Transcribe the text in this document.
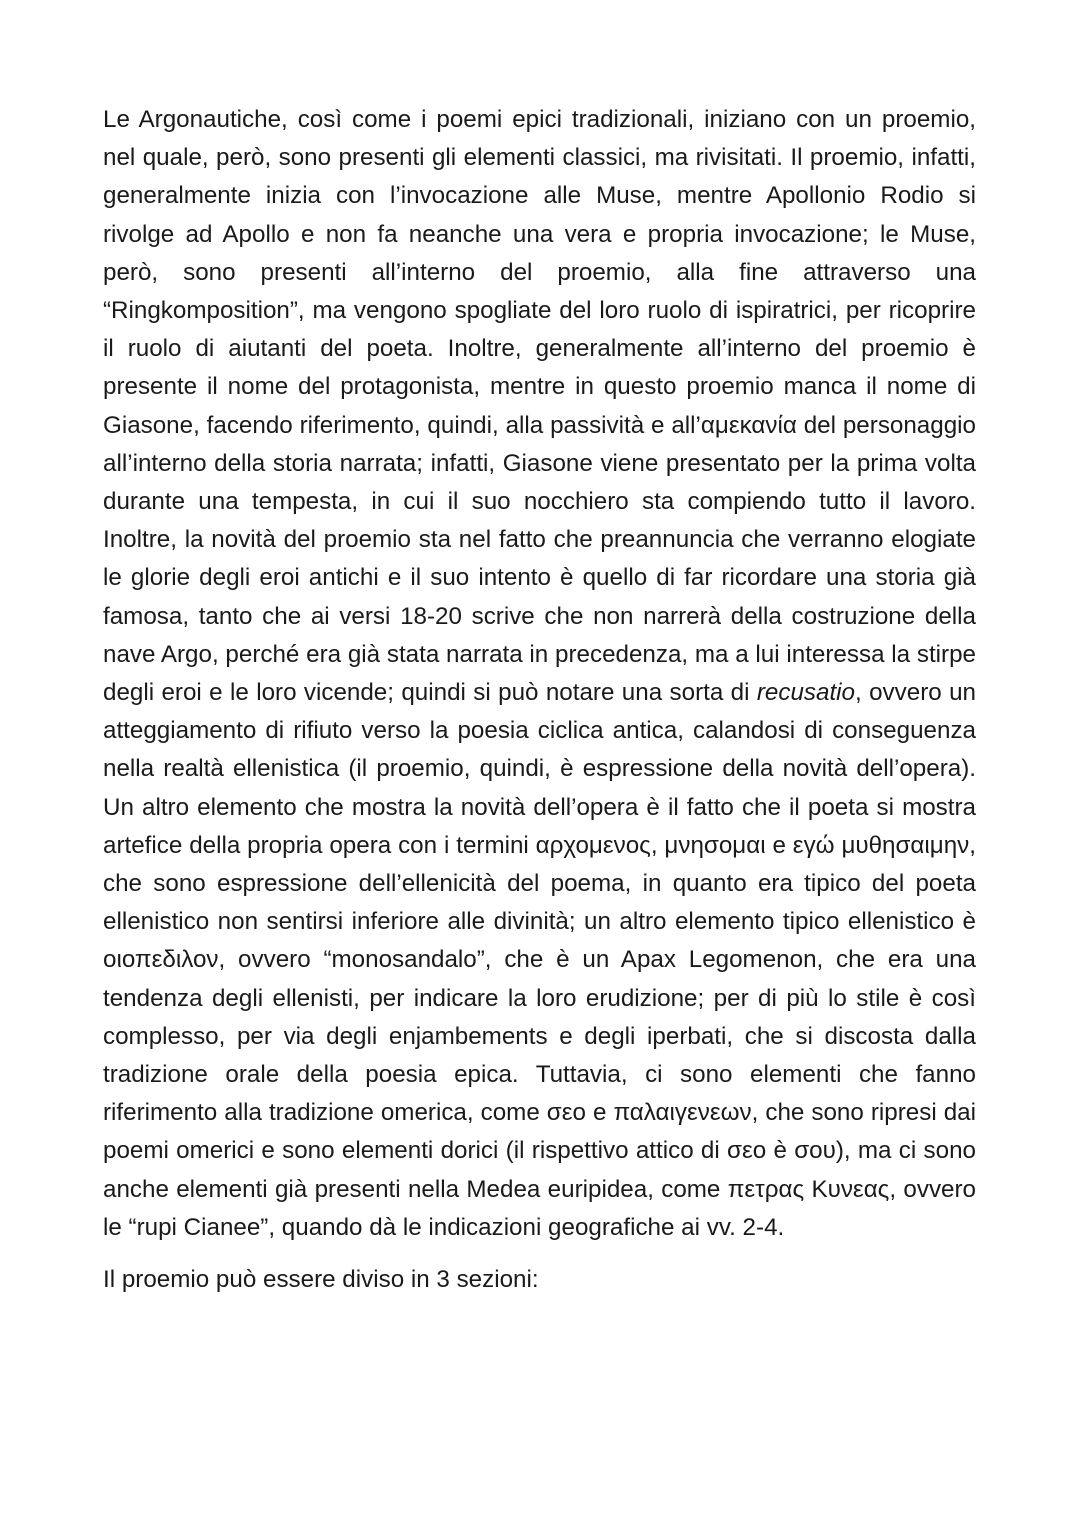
Le Argonautiche, così come i poemi epici tradizionali, iniziano con un proemio, nel quale, però, sono presenti gli elementi classici, ma rivisitati. Il proemio, infatti, generalmente inizia con l’invocazione alle Muse, mentre Apollonio Rodio si rivolge ad Apollo e non fa neanche una vera e propria invocazione; le Muse, però, sono presenti all’interno del proemio, alla fine attraverso una “Ringkomposition”, ma vengono spogliate del loro ruolo di ispiratrici, per ricoprire il ruolo di aiutanti del poeta. Inoltre, generalmente all’interno del proemio è presente il nome del protagonista, mentre in questo proemio manca il nome di Giasone, facendo riferimento, quindi, alla passività e all’αμεκανία del personaggio all’interno della storia narrata; infatti, Giasone viene presentato per la prima volta durante una tempesta, in cui il suo nocchiero sta compiendo tutto il lavoro. Inoltre, la novità del proemio sta nel fatto che preannuncia che verranno elogiate le glorie degli eroi antichi e il suo intento è quello di far ricordare una storia già famosa, tanto che ai versi 18-20 scrive che non narrerà della costruzione della nave Argo, perché era già stata narrata in precedenza, ma a lui interessa la stirpe degli eroi e le loro vicende; quindi si può notare una sorta di recusatio, ovvero un atteggiamento di rifiuto verso la poesia ciclica antica, calandosi di conseguenza nella realtà ellenistica (il proemio, quindi, è espressione della novità dell’opera). Un altro elemento che mostra la novità dell’opera è il fatto che il poeta si mostra artefice della propria opera con i termini αρχομενος, μνησομαι e εγώ μυθησαιμην, che sono espressione dell’ellenicità del poema, in quanto era tipico del poeta ellenistico non sentirsi inferiore alle divinità; un altro elemento tipico ellenistico è οιοπεδιλον, ovvero “monosandalo”, che è un Apax Legomenon, che era una tendenza degli ellenisti, per indicare la loro erudizione; per di più lo stile è così complesso, per via degli enjambements e degli iperbati, che si discosta dalla tradizione orale della poesia epica. Tuttavia, ci sono elementi che fanno riferimento alla tradizione omerica, come σεο e παλαιγενεων, che sono ripresi dai poemi omerici e sono elementi dorici (il rispettivo attico di σεο è σου), ma ci sono anche elementi già presenti nella Medea euripidea, come πετρας Κυνεας, ovvero le “rupi Cianee”, quando dà le indicazioni geografiche ai vv. 2-4.

Il proemio può essere diviso in 3 sezioni:
